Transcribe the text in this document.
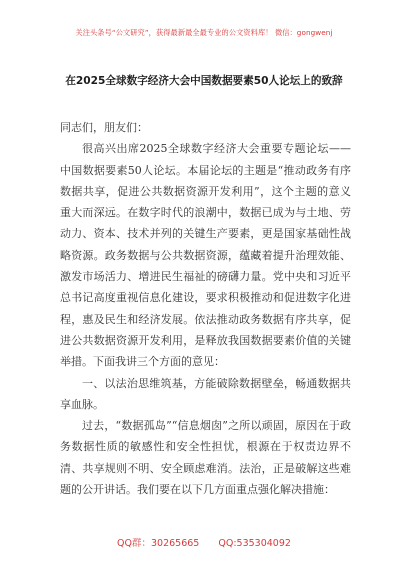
关注头条号“公文研究”，获得最新最全最专业的公文资料库！ 微信：gongwenj
在2025全球数字经济大会中国数据要素50人论坛上的致辞

同志们，朋友们：

很高兴出席2025全球数字经济大会重要专题论坛——中国数据要素50人论坛。本届论坛的主题是“推动政务有序数据共享，促进公共数据资源开发利用”，这个主题的意义重大而深远。在数字时代的浪潮中，数据已成为与土地、劳动力、资本、技术并列的关键生产要素，更是国家基础性战略资源。政务数据与公共数据资源，蕴藏着提升治理效能、激发市场活力、增进民生福祉的磅礴力量。党中央和习近平总书记高度重视信息化建设，要求积极推动和促进数字化进程，惠及民生和经济发展。依法推动政务数据有序共享，促进公共数据资源开发利用，是释放我国数据要素价值的关键举措。下面我讲三个方面的意见：

一、以法治思维筑基，方能破除数据壁垒，畅通数据共享血脉。

过去，“数据孤岛”“信息烟囱”之所以顽固，原因在于政务数据性质的敏感性和安全性担忧，根源在于权责边界不清、共享规则不明、安全顾虑难消。法治，正是破解这些难题的公开讲话。我们要在以下几方面重点强化解决措施：

QQ群：30265665 QQ:535304092
